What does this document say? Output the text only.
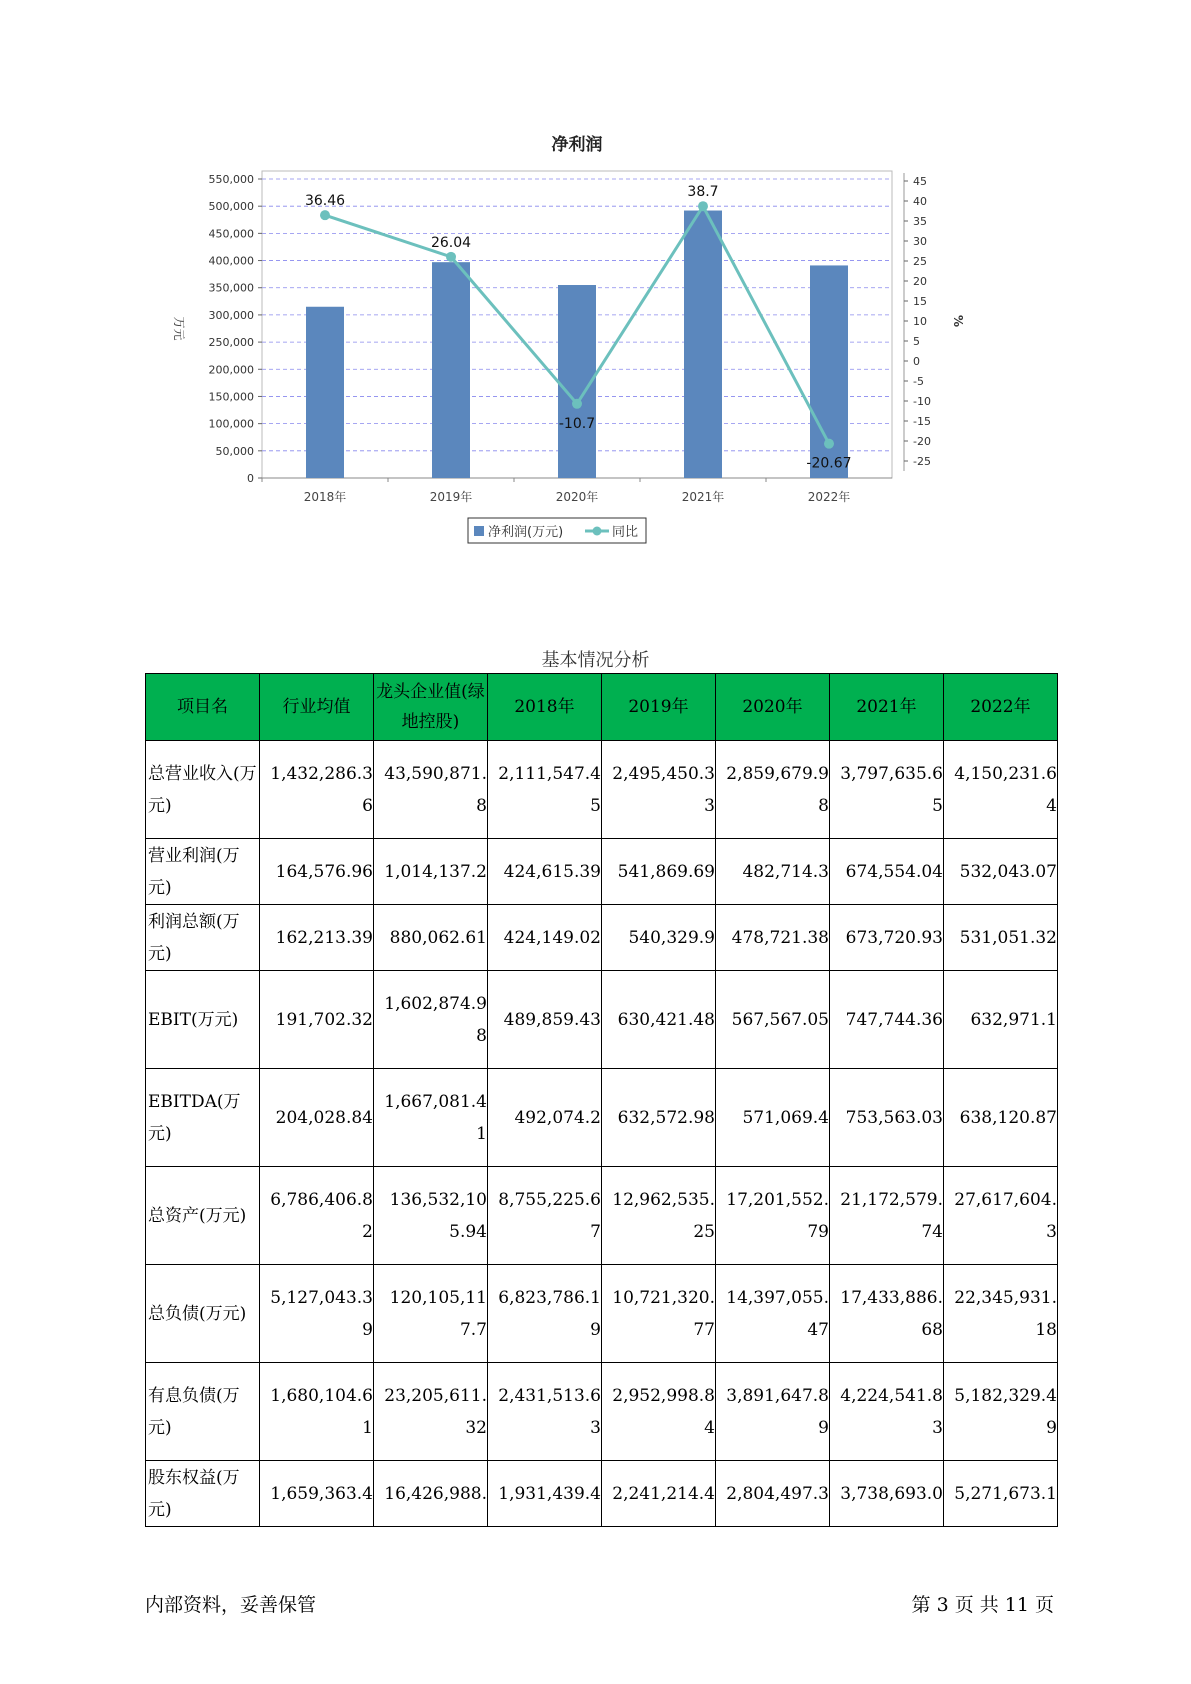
净利润
0
50,000
100,000
150,000
200,000
250,000
300,000
350,000
400,000
450,000
500,000
550,000
万元
-25
-20
-15
-10
-5
0
5
10
15
20
25
30
35
40
45
%
2018年	2019年	2020年	2021年	2022年
36.46
26.04
-10.7
38.7
-20.67
净利润(万元)	同比
基本情况分析
项目名	行业均值	龙头企业值(绿地控股)	2018年	2019年	2020年	2021年	2022年
总营业收入(万元)	1,432,286.36	43,590,871.8	2,111,547.45	2,495,450.33	2,859,679.98	3,797,635.65	4,150,231.64
营业利润(万元)	164,576.96	1,014,137.2	424,615.39	541,869.69	482,714.3	674,554.04	532,043.07
利润总额(万元)	162,213.39	880,062.61	424,149.02	540,329.9	478,721.38	673,720.93	531,051.32
EBIT(万元)	191,702.32	1,602,874.98	489,859.43	630,421.48	567,567.05	747,744.36	632,971.1
EBITDA(万元)	204,028.84	1,667,081.41	492,074.2	632,572.98	571,069.4	753,563.03	638,120.87
总资产(万元)	6,786,406.82	136,532,105.94	8,755,225.67	12,962,535.25	17,201,552.79	21,172,579.74	27,617,604.3
总负债(万元)	5,127,043.39	120,105,117.7	6,823,786.19	10,721,320.77	14,397,055.47	17,433,886.68	22,345,931.18
有息负债(万元)	1,680,104.61	23,205,611.32	2,431,513.63	2,952,998.84	3,891,647.89	4,224,541.83	5,182,329.49
股东权益(万元)	1,659,363.4	16,426,988.	1,931,439.4	2,241,214.4	2,804,497.3	3,738,693.0	5,271,673.1
内部资料，妥善保管	第 3 页 共 11 页
